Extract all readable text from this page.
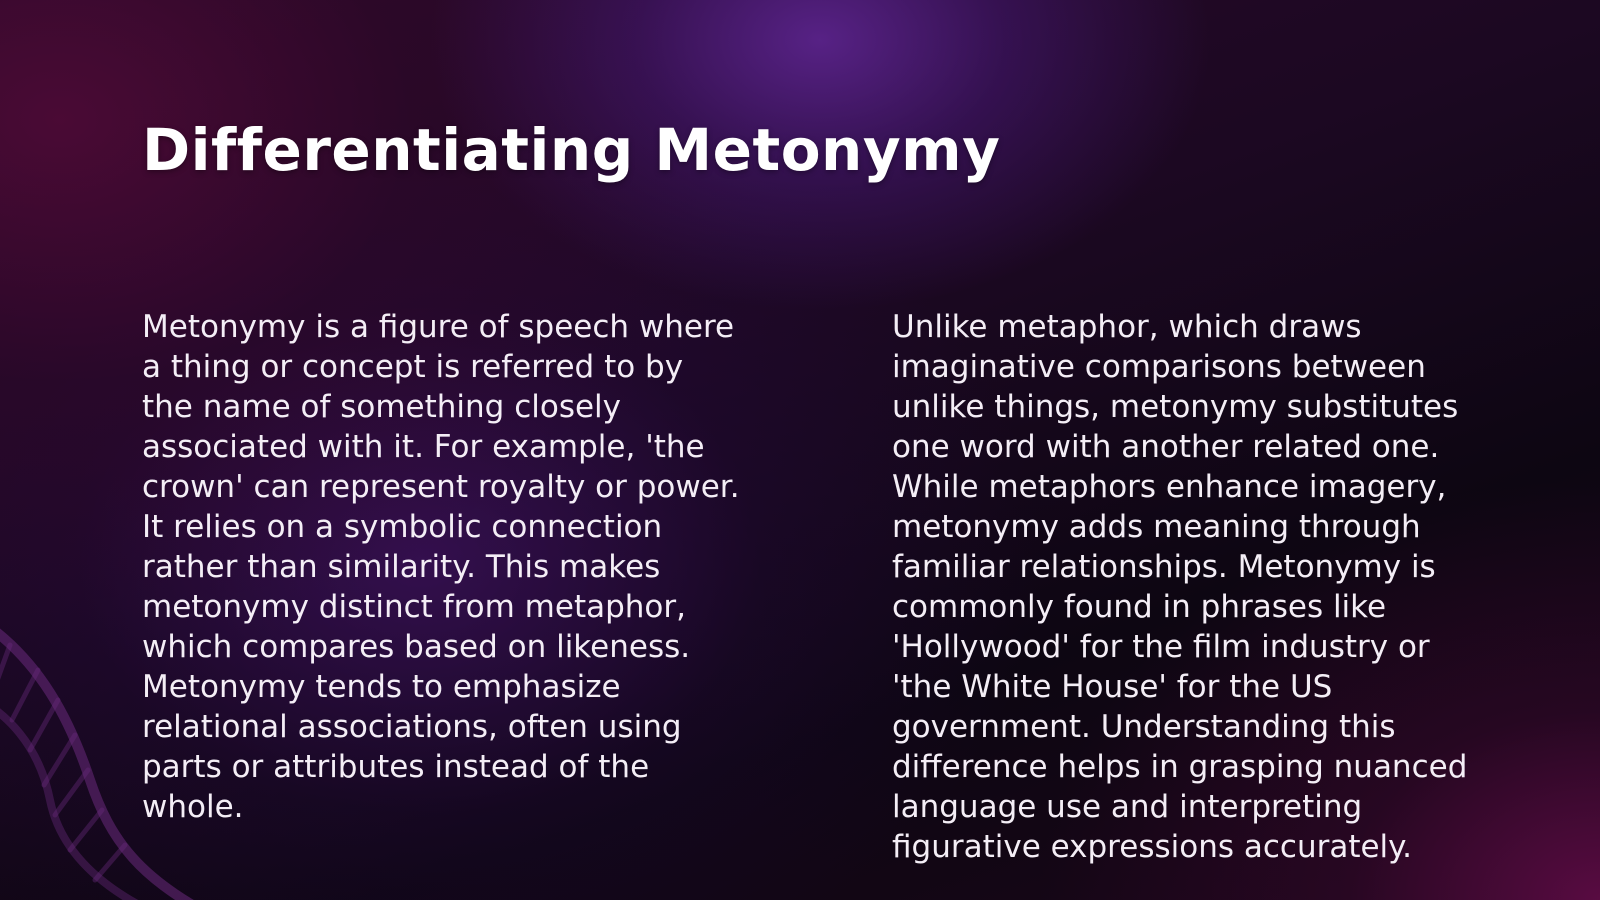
Differentiating Metonymy

Metonymy is a figure of speech where a thing or concept is referred to by the name of something closely associated with it. For example, 'the crown' can represent royalty or power. It relies on a symbolic connection rather than similarity. This makes metonymy distinct from metaphor, which compares based on likeness. Metonymy tends to emphasize relational associations, often using parts or attributes instead of the whole.

Unlike metaphor, which draws imaginative comparisons between unlike things, metonymy substitutes one word with another related one. While metaphors enhance imagery, metonymy adds meaning through familiar relationships. Metonymy is commonly found in phrases like 'Hollywood' for the film industry or 'the White House' for the US government. Understanding this difference helps in grasping nuanced language use and interpreting figurative expressions accurately.
